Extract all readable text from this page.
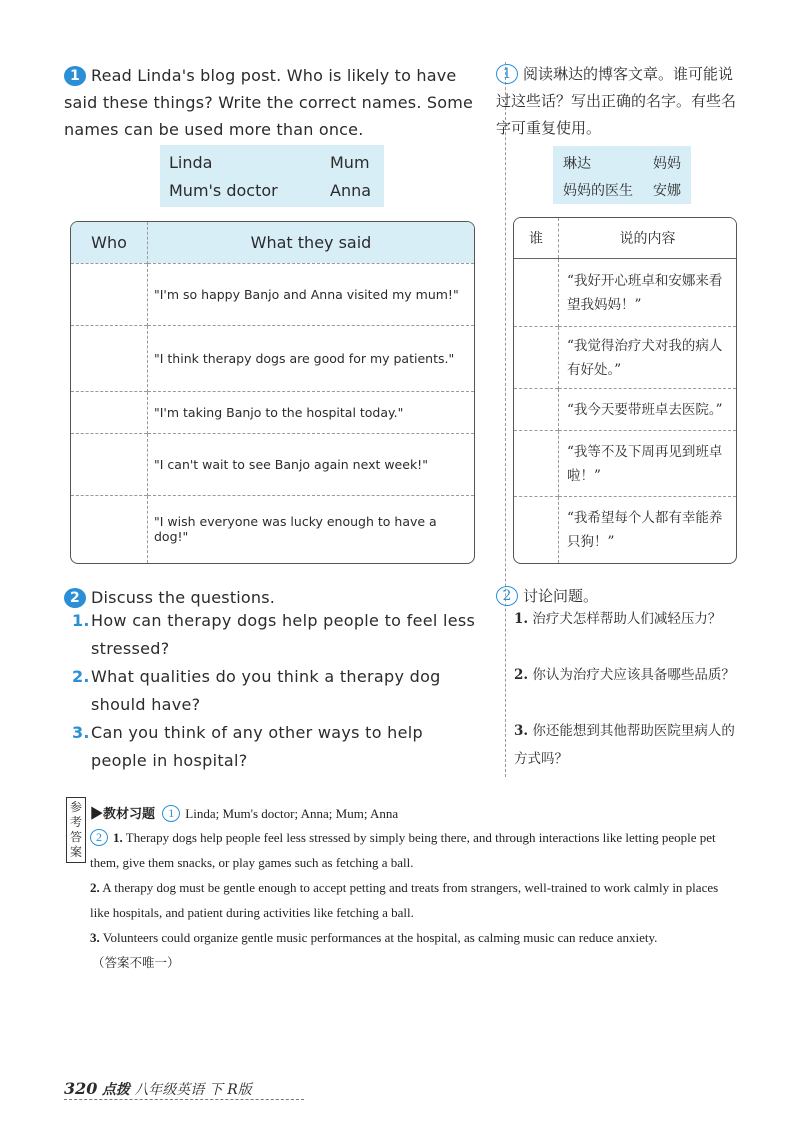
1 Read Linda's blog post. Who is likely to have said these things? Write the correct names. Some names can be used more than once.
Linda	Mum
Mum's doctor	Anna
Who	What they said
	"I'm so happy Banjo and Anna visited my mum!"
	"I think therapy dogs are good for my patients."
	"I'm taking Banjo to the hospital today."
	"I can't wait to see Banjo again next week!"
	"I wish everyone was lucky enough to have a dog!"
1 阅读琳达的博客文章。谁可能说过这些话？写出正确的名字。有些名字可重复使用。
琳达	妈妈
妈妈的医生 安娜
谁	说的内容
	“我好开心班卓和安娜来看望我妈妈！”
	“我觉得治疗犬对我的病人有好处。”
	“我今天要带班卓去医院。”
	“我等不及下周再见到班卓啦！”
	“我希望每个人都有幸能养只狗！”
2 Discuss the questions.
1. How can therapy dogs help people to feel less stressed?
2. What qualities do you think a therapy dog should have?
3. Can you think of any other ways to help people in hospital?
2 讨论问题。
1. 治疗犬怎样帮助人们减轻压力？
2. 你认为治疗犬应该具备哪些品质？
3. 你还能想到其他帮助医院里病人的方式吗？
参考答案
▶教材习题 1 Linda; Mum's doctor; Anna; Mum; Anna
2 1. Therapy dogs help people feel less stressed by simply being there, and through interactions like letting people pet them, give them snacks, or play games such as fetching a ball.
2. A therapy dog must be gentle enough to accept petting and treats from strangers, well-trained to work calmly in places like hospitals, and patient during activities like fetching a ball.
3. Volunteers could organize gentle music performances at the hospital, as calming music can reduce anxiety.
（答案不唯一）
320 点拨 八年级英语 下 R版
